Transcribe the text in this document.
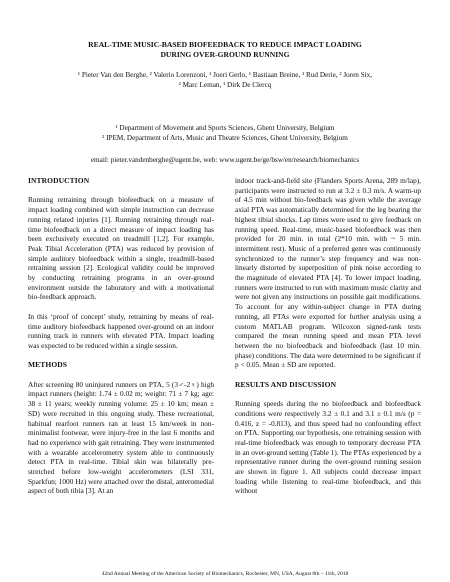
REAL-TIME MUSIC-BASED BIOFEEDBACK TO REDUCE IMPACT LOADING
DURING OVER-GROUND RUNNING
¹ Pieter Van den Berghe, ² Valerio Lorenzoni, ¹ Joeri Gerlo, ¹ Bastiaan Breine, ¹ Rud Derie, ² Joren Six,
² Marc Leman, ¹ Dirk De Clercq
¹ Department of Movement and Sports Sciences, Ghent University, Belgium
² IPEM, Department of Arts, Music and Theatre Sciences, Ghent University, Belgium
email: pieter.vandenberghe@ugent.be, web: www.ugent.be/ge/bsw/en/research/biomechanics
INTRODUCTION

Running retraining through biofeedback on a measure of impact loading combined with simple instruction can decrease running related injuries [1]. Running retraining through real-time biofeedback on a direct measure of impact loading has been exclusively executed on treadmill [1,2]. For example, Peak Tibial Acceleration (PTA) was reduced by provision of simple auditory biofeedback within a single, treadmill-based retraining session [2]. Ecological validity could be improved by conducting retraining programs in an over-ground environment outside the laboratory and with a motivational bio-feedback approach.

In this ‘proof of concept’ study, retraining by means of real-time auditory biofeedback happened over-ground on an indoor running track in runners with elevated PTA. Impact loading was expected to be reduced within a single session.

METHODS

After screening 80 uninjured runners on PTA, 5 (3♂-2♀) high impact runners (height: 1.74 ± 0.02 m; weight: 71 ± 7 kg; age: 38 ± 11 years; weekly running volume: 25 ± 10 km; mean ± SD) were recruited in this ongoing study. These recreational, habitual rearfoot runners ran at least 15 km/week in non-minimalist footwear, were injury-free in the last 6 months and had no experience with gait retraining. They were instrumented with a wearable accelerometry system able to continuously detect PTA in real-time. Tibial skin was bilaterally pre-stretched before low-weight accelerometers (LSI 331, Sparkfun; 1000 Hz) were attached over the distal, anteromedial aspect of both tibia [3]. At an

indoor track-and-field site (Flanders Sports Arena, 289 m/lap), participants were instructed to run at 3.2 ± 0.3 m/s. A warm-up of 4.5 min without bio-feedback was given while the average axial PTA was automatically determined for the leg bearing the highest tibial shocks. Lap times were used to give feedback on running speed. Real-time, music-based biofeedback was then provided for 20 min. in total (2*10 min. with ~ 5 min. intermittent rest). Music of a preferred genre was continuously synchronized to the runner’s step frequency and was non-linearly distorted by superposition of pink noise according to the magnitude of elevated PTA [4]. To lower impact loading, runners were instructed to run with maximum music clarity and were not given any instructions on possible gait modifications. To account for any within-subject change in PTA during running, all PTAs were exported for further analysis using a custom MATLAB program. Wilcoxon signed-rank tests compared the mean running speed and mean PTA level between the no biofeedback and biofeedback (last 10 min. phase) conditions. The data were determined to be significant if p < 0.05. Mean ± SD are reported.

RESULTS AND DISCUSSION

Running speeds during the no biofeedback and biofeedback conditions were respectively 3.2 ± 0.1 and 3.1 ± 0.1 m/s (p = 0.416, z = -0.813), and thus speed had no confounding effect on PTA. Supporting our hypothesis, one retraining session with real-time biofeedback was enough to temporary decrease PTA in an over-ground setting (Table 1). The PTAs experienced by a representative runner during the over-ground running session are shown in figure 1. All subjects could decrease impact loading while listening to real-time biofeedback, and this without

42nd Annual Meeting of the American Society of Biomechanics, Rochester, MN, USA, August 8th – 11th, 2018
